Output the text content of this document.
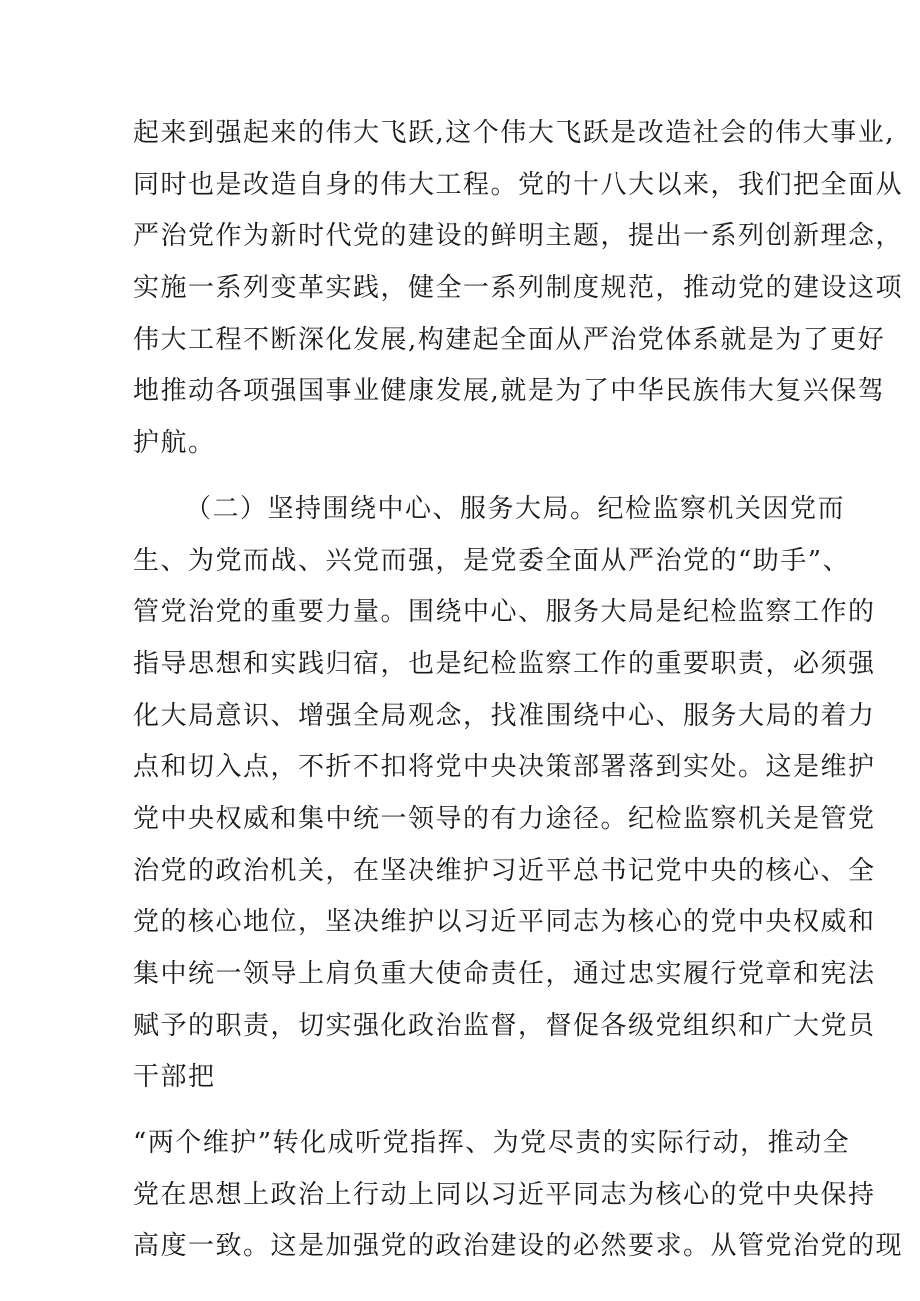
起来到强起来的伟大飞跃,这个伟大飞跃是改造社会的伟大事业,
同时也是改造自身的伟大工程。党的十八大以来，我们把全面从
严治党作为新时代党的建设的鲜明主题，提出一系列创新理念，
实施一系列变革实践，健全一系列制度规范，推动党的建设这项
伟大工程不断深化发展,构建起全面从严治党体系就是为了更好
地推动各项强国事业健康发展,就是为了中华民族伟大复兴保驾
护航。
（二）坚持围绕中心、服务大局。纪检监察机关因党而
生、为党而战、兴党而强，是党委全面从严治党的“助手”、
管党治党的重要力量。围绕中心、服务大局是纪检监察工作的
指导思想和实践归宿，也是纪检监察工作的重要职责，必须强
化大局意识、增强全局观念，找准围绕中心、服务大局的着力
点和切入点，不折不扣将党中央决策部署落到实处。这是维护
党中央权威和集中统一领导的有力途径。纪检监察机关是管党
治党的政治机关，在坚决维护习近平总书记党中央的核心、全
党的核心地位，坚决维护以习近平同志为核心的党中央权威和
集中统一领导上肩负重大使命责任，通过忠实履行党章和宪法
赋予的职责，切实强化政治监督，督促各级党组织和广大党员
干部把
“两个维护”转化成听党指挥、为党尽责的实际行动，推动全
党在思想上政治上行动上同以习近平同志为核心的党中央保持
高度一致。这是加强党的政治建设的必然要求。从管党治党的现
